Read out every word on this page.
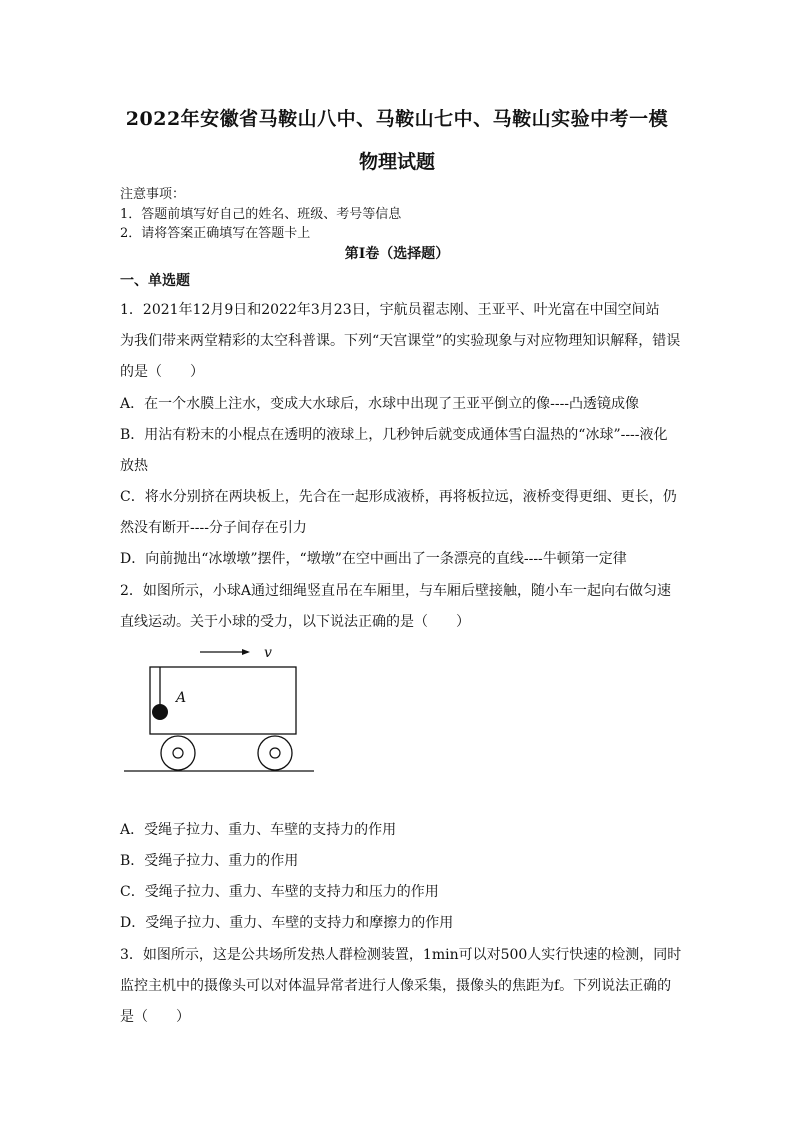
2022年安徽省马鞍山八中、马鞍山七中、马鞍山实验中考一模
物理试题
注意事项：
1．答题前填写好自己的姓名、班级、考号等信息
2．请将答案正确填写在答题卡上
第I卷（选择题）
一、单选题
1．2021年12月9日和2022年3月23日，宇航员翟志刚、王亚平、叶光富在中国空间站
为我们带来两堂精彩的太空科普课。下列“天宫课堂”的实验现象与对应物理知识解释，错误
的是（　　）
A．在一个水膜上注水，变成大水球后，水球中出现了王亚平倒立的像----凸透镜成像
B．用沾有粉末的小棍点在透明的液球上，几秒钟后就变成通体雪白温热的“冰球”----液化
放热
C．将水分别挤在两块板上，先合在一起形成液桥，再将板拉远，液桥变得更细、更长，仍
然没有断开----分子间存在引力
D．向前抛出“冰墩墩”摆件，“墩墩”在空中画出了一条漂亮的直线----牛顿第一定律
2．如图所示，小球A通过细绳竖直吊在车厢里，与车厢后壁接触，随小车一起向右做匀速
直线运动。关于小球的受力，以下说法正确的是（　　）
v
A
A．受绳子拉力、重力、车壁的支持力的作用
B．受绳子拉力、重力的作用
C．受绳子拉力、重力、车壁的支持力和压力的作用
D．受绳子拉力、重力、车壁的支持力和摩擦力的作用
3．如图所示，这是公共场所发热人群检测装置，1min可以对500人实行快速的检测，同时
监控主机中的摄像头可以对体温异常者进行人像采集，摄像头的焦距为f。下列说法正确的
是（　　）
